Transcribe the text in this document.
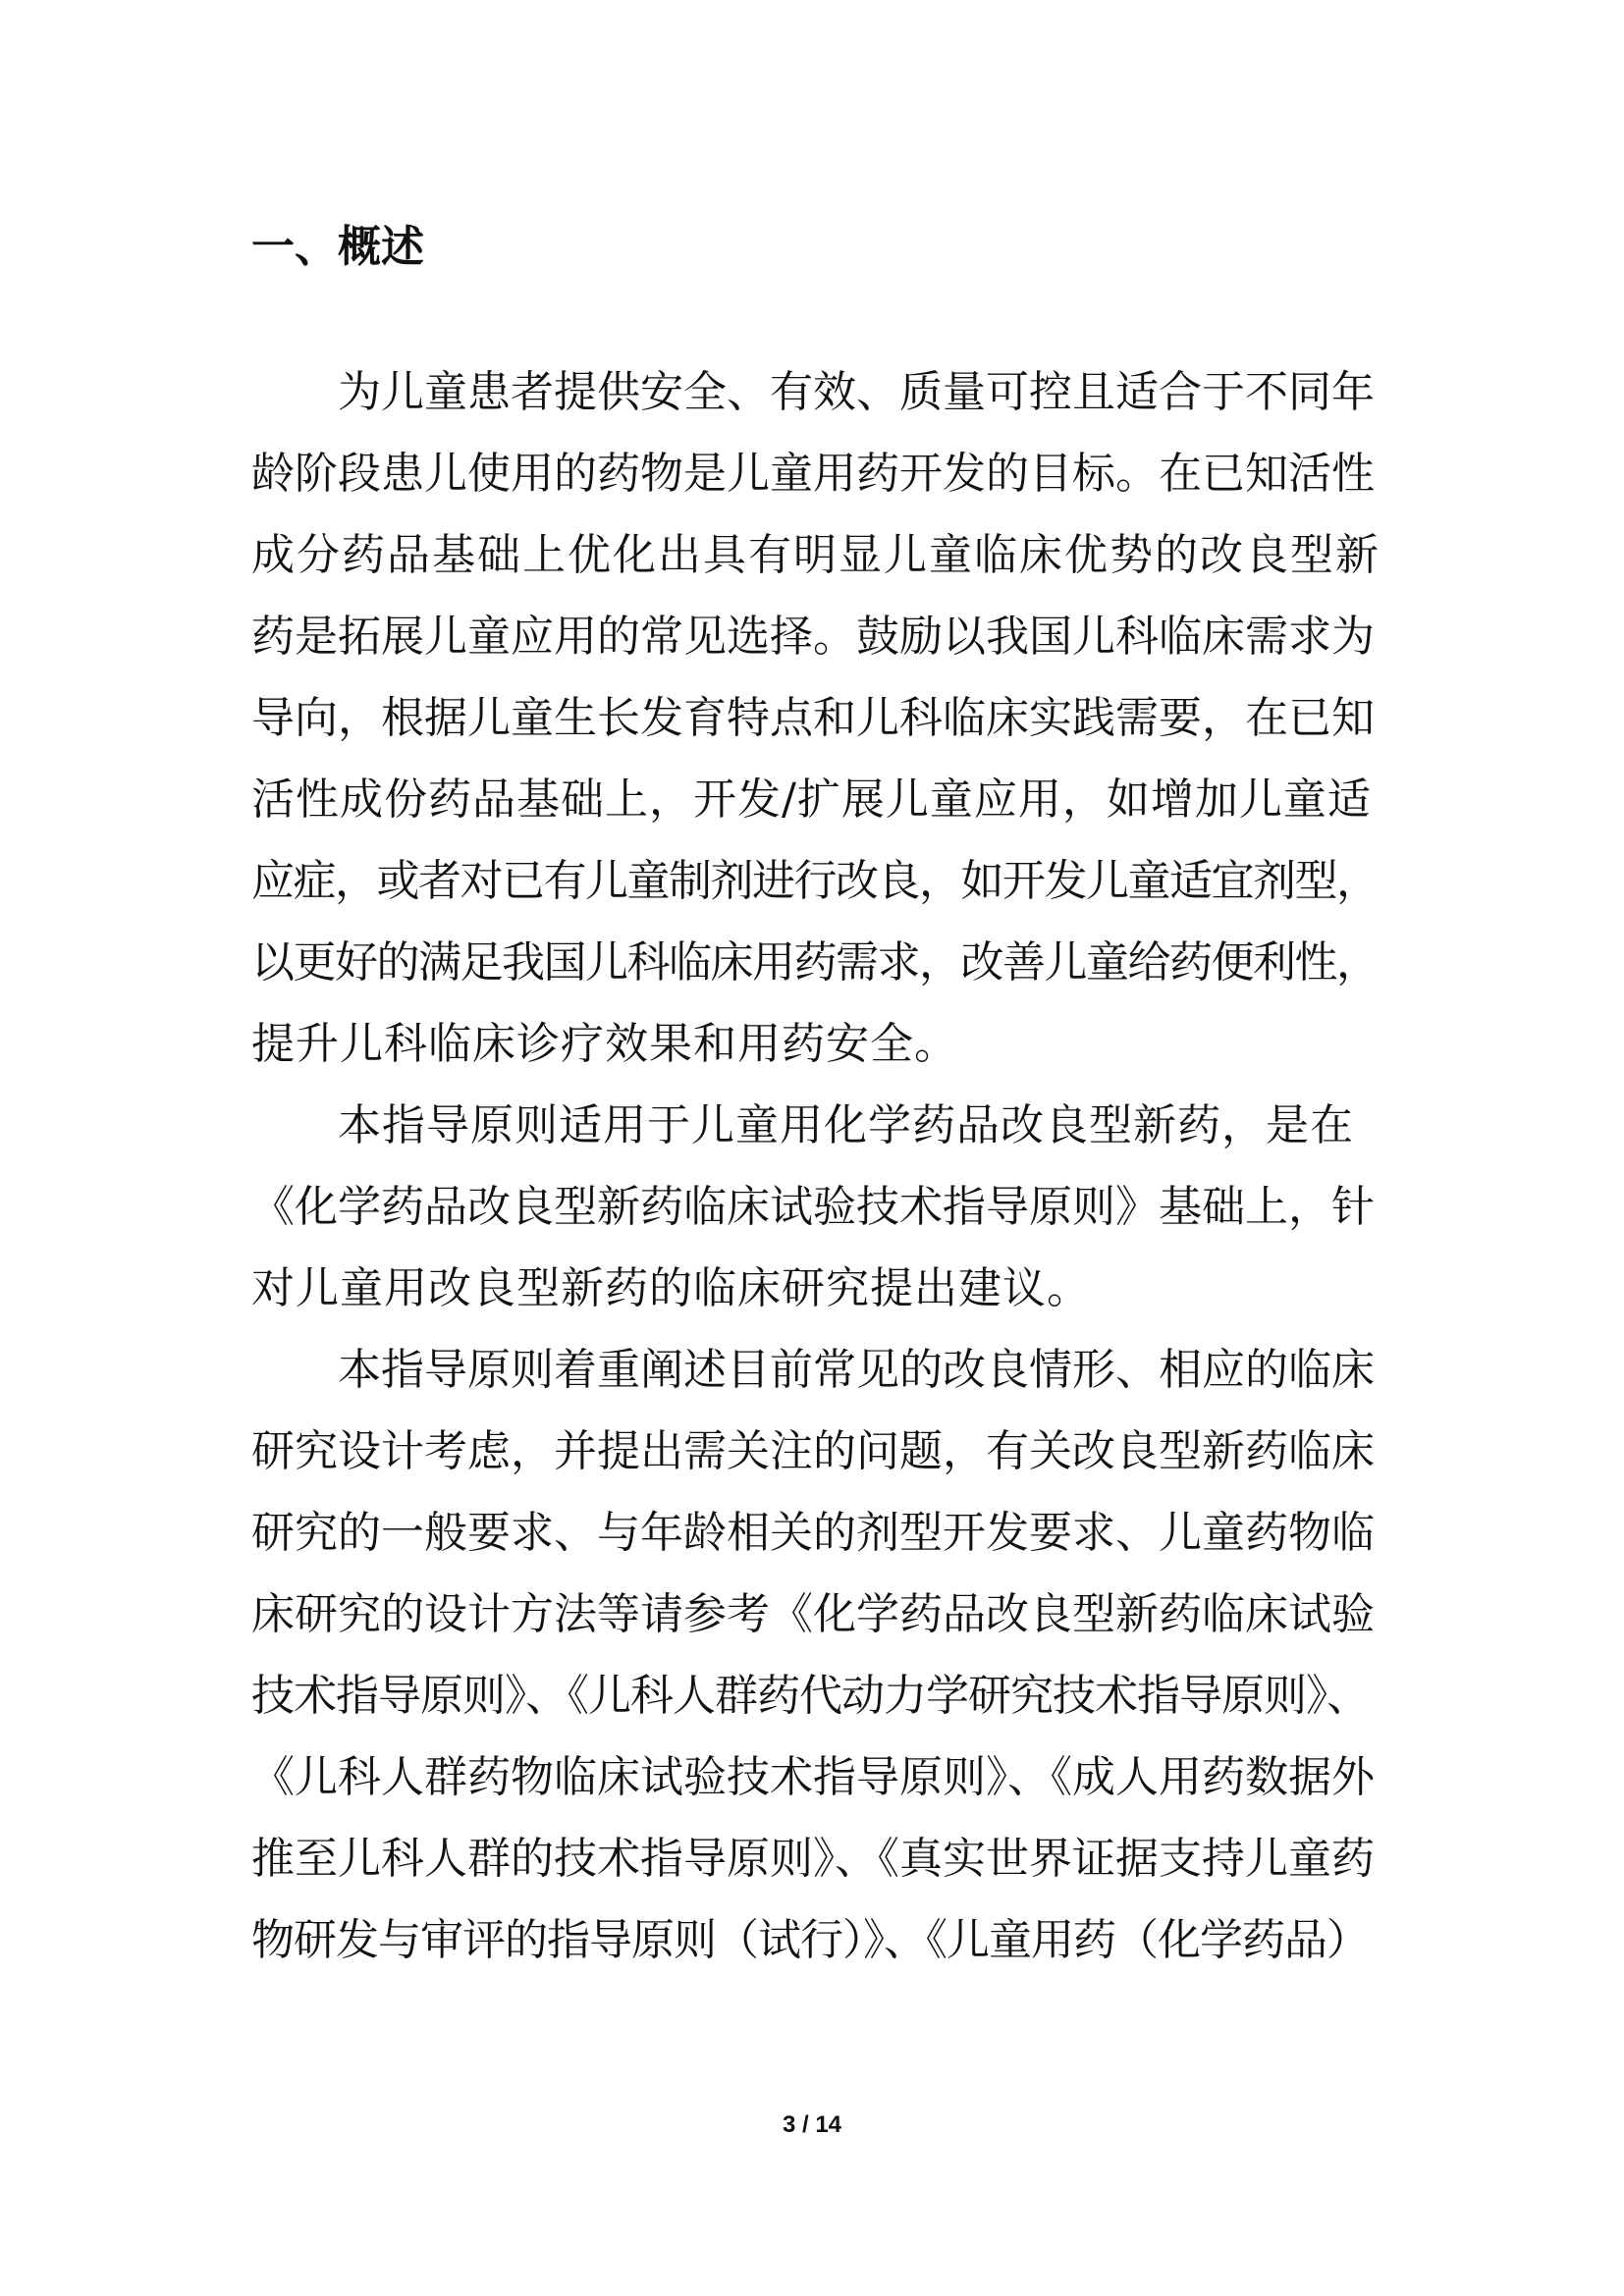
一、概述
为儿童患者提供安全、有效、质量可控且适合于不同年
龄阶段患儿使用的药物是儿童用药开发的目标。在已知活性
成分药品基础上优化出具有明显儿童临床优势的改良型新
药是拓展儿童应用的常见选择。鼓励以我国儿科临床需求为
导向，根据儿童生长发育特点和儿科临床实践需要，在已知
活性成份药品基础上，开发/扩展儿童应用，如增加儿童适
应症，或者对已有儿童制剂进行改良，如开发儿童适宜剂型，
以更好的满足我国儿科临床用药需求，改善儿童给药便利性，
提升儿科临床诊疗效果和用药安全。
本指导原则适用于儿童用化学药品改良型新药，是在
《化学药品改良型新药临床试验技术指导原则》基础上，针
对儿童用改良型新药的临床研究提出建议。
本指导原则着重阐述目前常见的改良情形、相应的临床
研究设计考虑，并提出需关注的问题，有关改良型新药临床
研究的一般要求、与年龄相关的剂型开发要求、儿童药物临
床研究的设计方法等请参考《化学药品改良型新药临床试验
技术指导原则》、《儿科人群药代动力学研究技术指导原则》、
《儿科人群药物临床试验技术指导原则》、《成人用药数据外
推至儿科人群的技术指导原则》、《真实世界证据支持儿童药
物研发与审评的指导原则（试行）》、《儿童用药（化学药品）
3 / 14
